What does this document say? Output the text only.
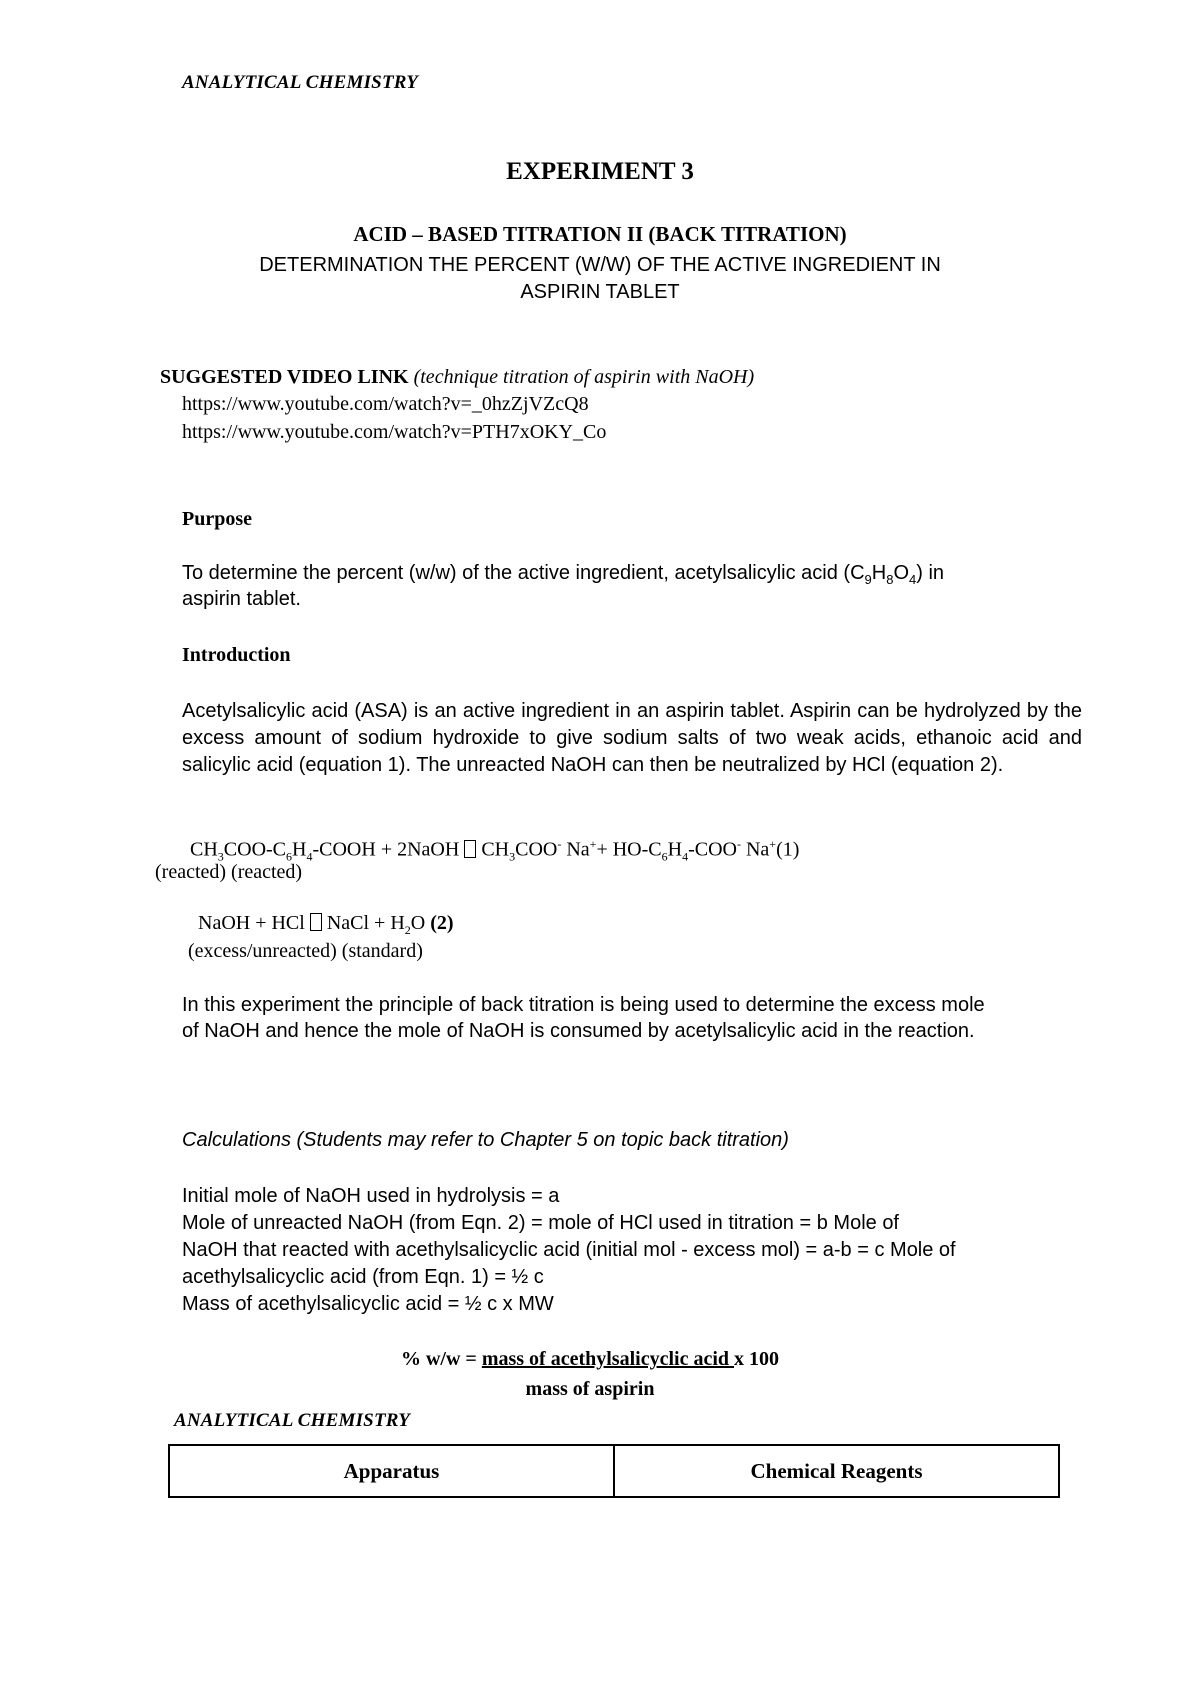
ANALYTICAL CHEMISTRY
EXPERIMENT 3
ACID – BASED TITRATION II (BACK TITRATION)
DETERMINATION THE PERCENT (W/W) OF THE ACTIVE INGREDIENT IN
ASPIRIN TABLET
SUGGESTED VIDEO LINK (technique titration of aspirin with NaOH)
https://www.youtube.com/watch?v=_0hzZjVZcQ8
https://www.youtube.com/watch?v=PTH7xOKY_Co
Purpose
To determine the percent (w/w) of the active ingredient, acetylsalicylic acid $(C_9H_8O_4)$ in
aspirin tablet.
Introduction
Acetylsalicylic acid (ASA) is an active ingredient in an aspirin tablet. Aspirin can be hydrolyzed by the excess amount of sodium hydroxide to give sodium salts of two weak acids, ethanoic acid and salicylic acid (equation 1). The unreacted NaOH can then be neutralized by HCl (equation 2).
$CH_3COO-C_6H_4$-COOH + 2NaOH  $CH_3COO^-$ $Na^++ HO-C_6H_4-COO^-$ Na+(1)
(reacted) (reacted)
NaOH + HCl  NaCl + $H_2O$ (2)
(excess/unreacted) (standard)
In this experiment the principle of back titration is being used to determine the excess mole
of NaOH and hence the mole of NaOH is consumed by acetylsalicylic acid in the reaction.
Calculations (Students may refer to Chapter 5 on topic back titration)
Initial mole of NaOH used in hydrolysis = a
Mole of unreacted NaOH (from Eqn. 2) = mole of HCl used in titration = b Mole of
NaOH that reacted with acethylsalicyclic acid (initial mol - excess mol) = a-b = c Mole of
acethylsalicyclic acid (from Eqn. 1) = ½ c
Mass of acethylsalicyclic acid = ½ c x MW
% w/w = mass of acethylsalicyclic acid x 100
mass of aspirin
ANALYTICAL CHEMISTRY
Apparatus	Chemical Reagents
